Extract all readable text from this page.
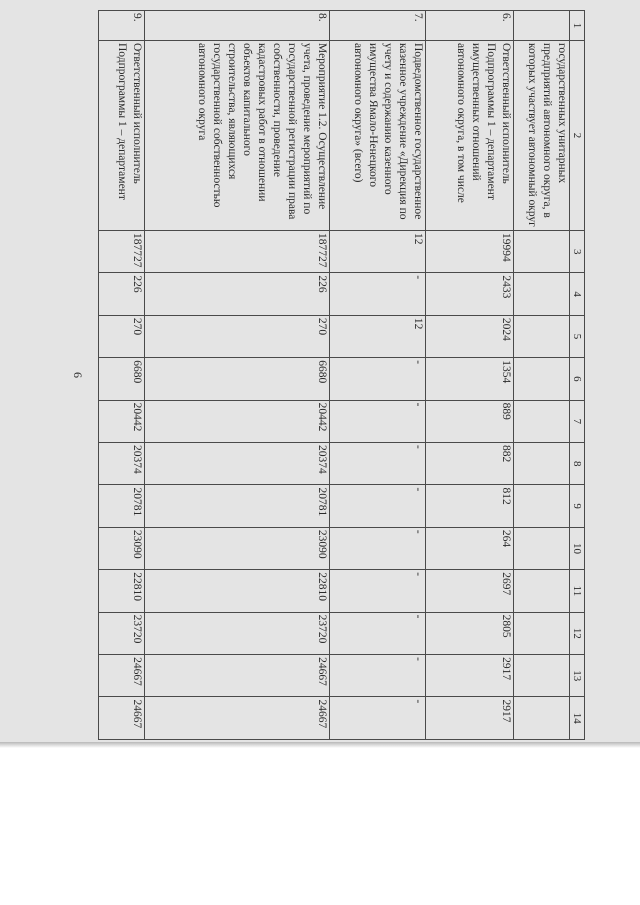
1	2	3	4	5	6	7	8	9	10	11	12	13	14
	государственных унитарных предприятий автономного округа, в которых участвует автономный округ												
6.	Ответственный исполнитель Подпрограммы 1 – департамент имущественных отношений автономного округа, в том числе	19994	2433	2024	1354	889	882	812	264	2697	2805	2917	2917
7.	Подведомственное государственное казенное учреждение «Дирекция по учету и содержанию казенного имущества Ямало-Ненецкого автономного округа» (всего)	12	-	12	-	-	-	-	-	-	-	-	-
8.	Мероприятие 1.2. Осуществление учета, проведение мероприятий по государственной регистрации права собственности, проведение кадастровых работ в отношении объектов капитального строительства, являющихся государственной собственностью автономного округа	187727	226	270	6680	20442	20374	20781	23090	22810	23720	24667	24667
9.	Ответственный исполнитель Подпрограммы 1 – департамент	187727	226	270	6680	20442	20374	20781	23090	22810	23720	24667	24667
6
